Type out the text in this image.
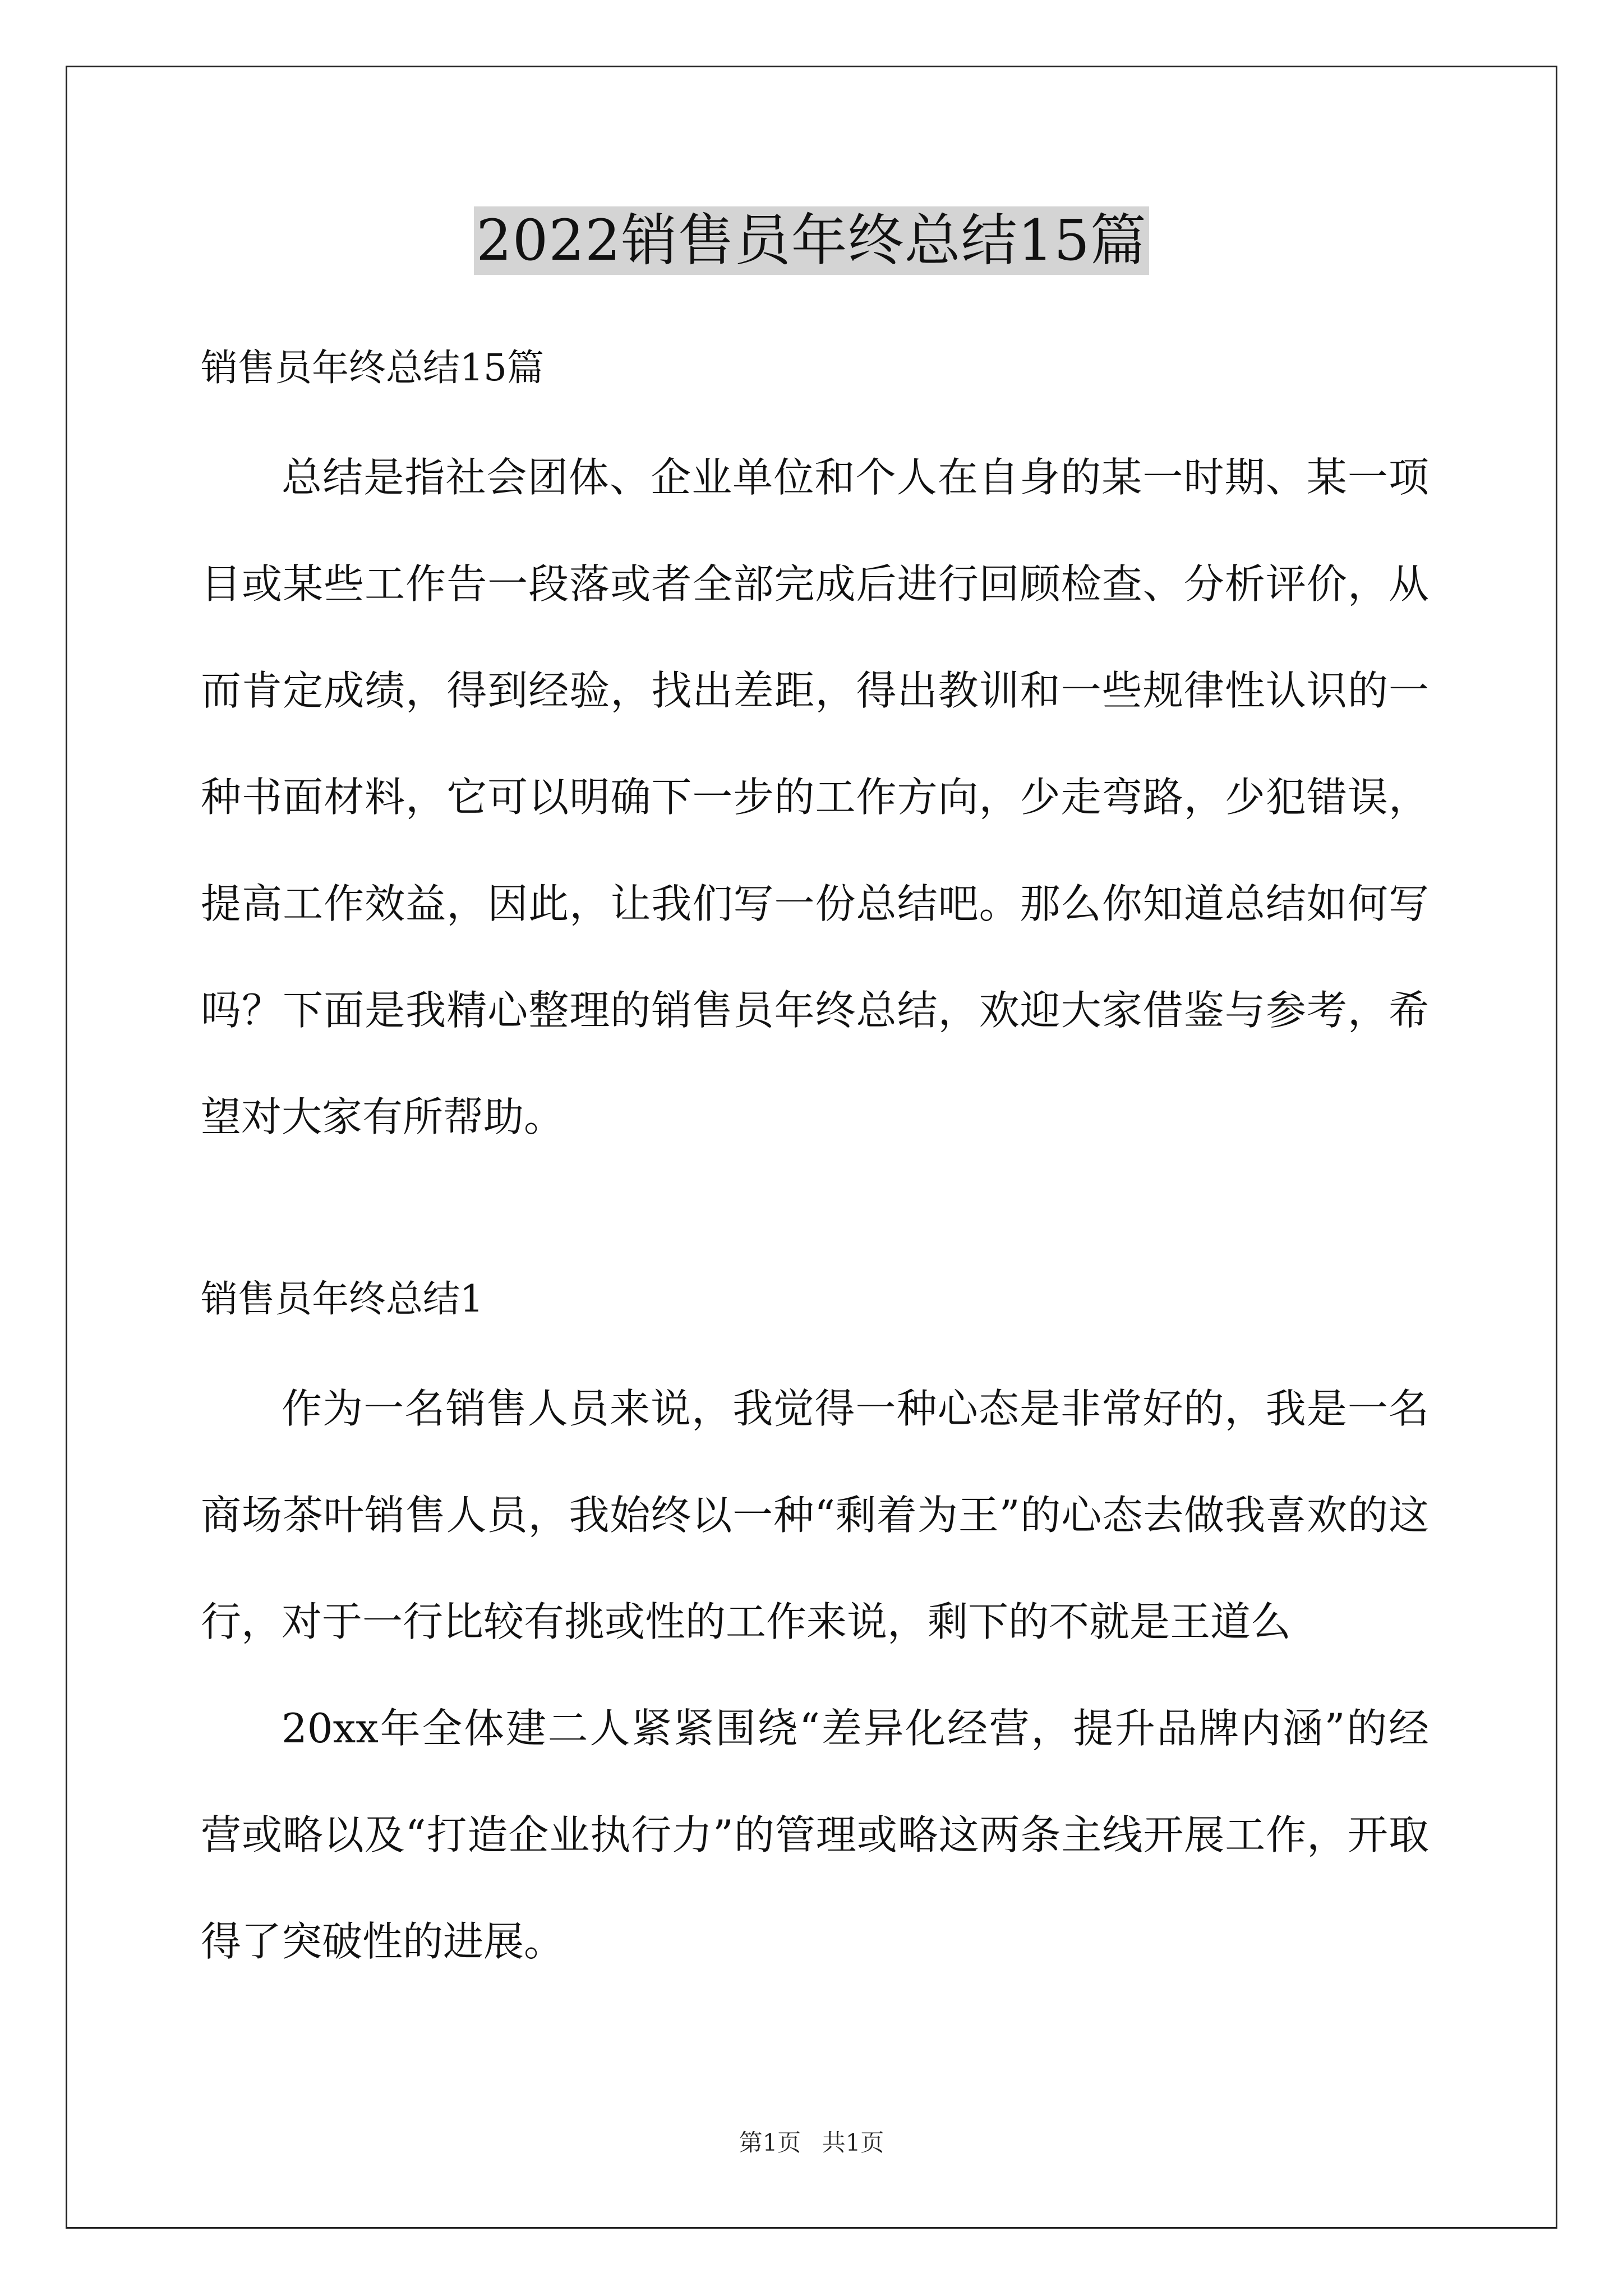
2022销售员年终总结15篇

销售员年终总结15篇

总结是指社会团体、企业单位和个人在自身的某一时期、某一项目或某些工作告一段落或者全部完成后进行回顾检查、分析评价，从而肯定成绩，得到经验，找出差距，得出教训和一些规律性认识的一种书面材料，它可以明确下一步的工作方向，少走弯路，少犯错误，提高工作效益，因此，让我们写一份总结吧。那么你知道总结如何写吗？下面是我精心整理的销售员年终总结，欢迎大家借鉴与参考，希望对大家有所帮助。

销售员年终总结1

作为一名销售人员来说，我觉得一种心态是非常好的，我是一名商场茶叶销售人员，我始终以一种“剩着为王”的心态去做我喜欢的这行，对于一行比较有挑或性的工作来说，剩下的不就是王道么

20xx年全体建二人紧紧围绕“差异化经营，提升品牌内涵”的经营或略以及“打造企业执行力”的管理或略这两条主线开展工作，开取得了突破性的进展。

第1页 共1页
